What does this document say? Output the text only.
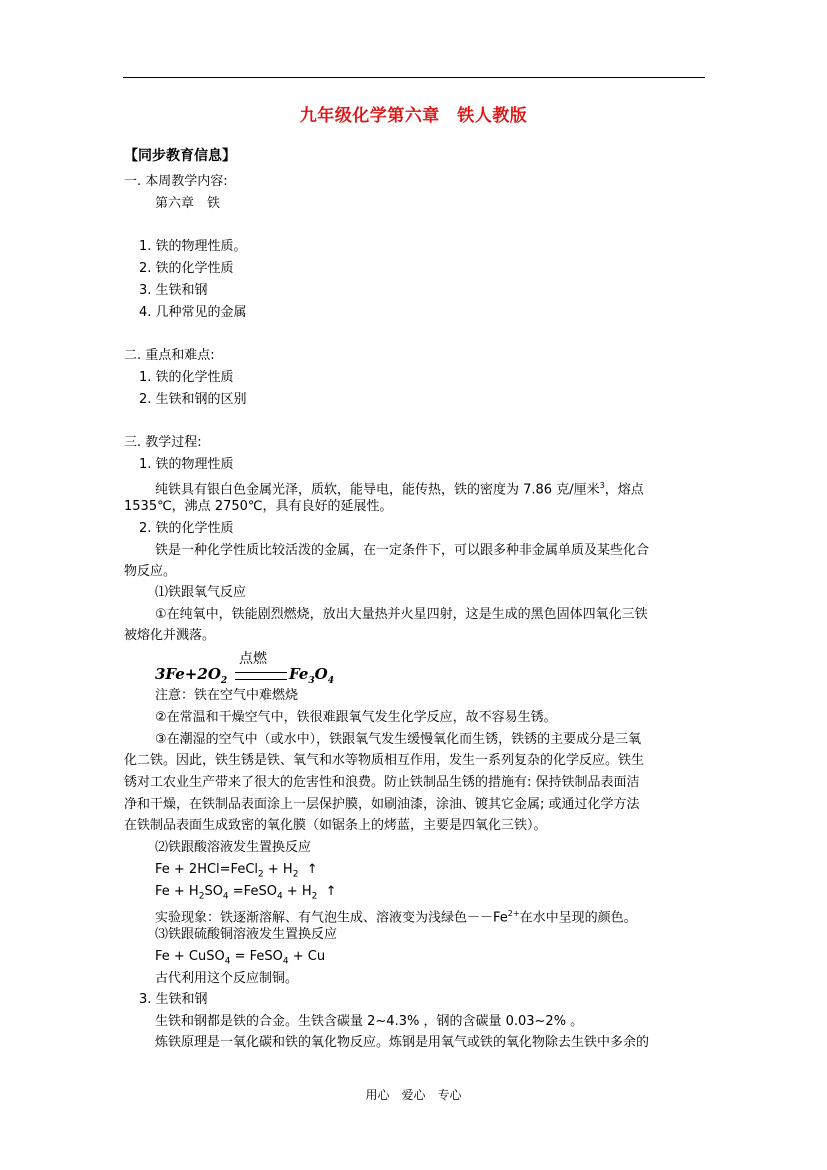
九年级化学第六章　铁人教版
【同步教育信息】
一. 本周教学内容:
第六章　铁
1. 铁的物理性质。
2. 铁的化学性质
3. 生铁和钢
4. 几种常见的金属
二. 重点和难点:
1. 铁的化学性质
2. 生铁和钢的区别
三. 教学过程:
1. 铁的物理性质
纯铁具有银白色金属光泽，质软，能导电，能传热，铁的密度为 7.86 克/厘米$^3$，熔点
1535℃，沸点 2750℃，具有良好的延展性。
2. 铁的化学性质
铁是一种化学性质比较活泼的金属，在一定条件下，可以跟多种非金属单质及某些化合
物反应。
⑴铁跟氧气反应
①在纯氧中，铁能剧烈燃烧，放出大量热并火星四射，这是生成的黑色固体四氧化三铁
被熔化并溅落。
点燃
$3Fe+2O_2$	$Fe_3O_4$
注意：铁在空气中难燃烧
②在常温和干燥空气中，铁很难跟氧气发生化学反应，故不容易生锈。
③在潮湿的空气中（或水中），铁跟氧气发生缓慢氧化而生锈，铁锈的主要成分是三氧
化二铁。因此，铁生锈是铁、氧气和水等物质相互作用，发生一系列复杂的化学反应。铁生
锈对工农业生产带来了很大的危害性和浪费。防止铁制品生锈的措施有: 保持铁制品表面洁
净和干燥，在铁制品表面涂上一层保护膜，如刷油漆，涂油、镀其它金属; 或通过化学方法
在铁制品表面生成致密的氧化膜（如锯条上的烤蓝，主要是四氧化三铁）。
⑵铁跟酸溶液发生置换反应
Fe + 2HCl=FeCl$_2$ + $H_2$ ↑
$Fe + H_2SO_4$ =FeSO$_4$ + $H_2$ ↑
实验现象：铁逐渐溶解、有气泡生成、溶液变为浅绿色$--Fe^{2+}$在水中呈现的颜色。
⑶铁跟硫酸铜溶液发生置换反应
Fe + CuSO$_4$ = FeSO$_4$ + Cu
古代利用这个反应制铜。
3. 生铁和钢
生铁和钢都是铁的合金。生铁含碳量 2~4.3% ，钢的含碳量 0.03~2% 。
炼铁原理是一氧化碳和铁的氧化物反应。炼钢是用氧气或铁的氧化物除去生铁中多余的
用心　爱心　专心
